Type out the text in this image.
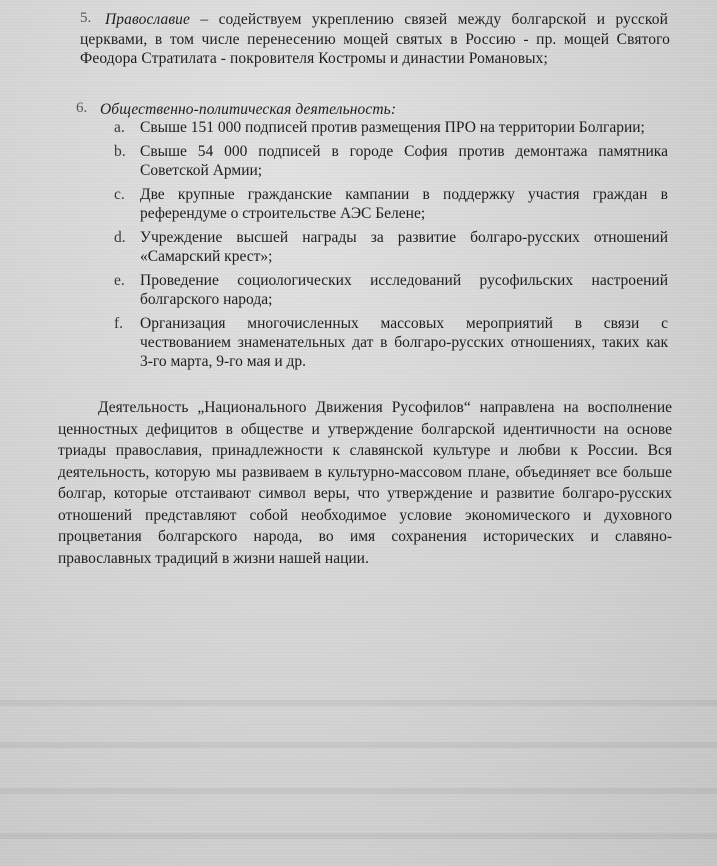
5. Православие – содействуем укреплению связей между болгарской и русской
церквами, в том числе перенесению мощей святых в Россию - пр. мощей Святого
Феодора Стратилата - покровителя Костромы и династии Романовых;
6. Общественно-политическая деятельность:
a. Свыше 151 000 подписей против размещения ПРО на территории Болгарии;
b. Свыше 54 000 подписей в городе София против демонтажа памятника
Советской Армии;
c. Две крупные гражданские кампании в поддержку участия граждан в
референдуме о строительстве АЭС Белене;
d. Учреждение высшей награды за развитие болгаро-русских отношений
«Самарский крест»;
e. Проведение социологических исследований русофильских настроений
болгарского народа;
f. Организация многочисленных массовых мероприятий в связи с
чествованием знаменательных дат в болгаро-русских отношениях, таких как
3-го марта, 9-го мая и др.
Деятельность „Национального Движения Русофилов“ направлена на восполнение
ценностных дефицитов в обществе и утверждение болгарской идентичности на основе
триады православия, принадлежности к славянской культуре и любви к России. Вся
деятельность, которую мы развиваем в культурно-массовом плане, объединяет все больше
болгар, которые отстаивают символ веры, что утверждение и развитие болгаро-русских
отношений представляют собой необходимое условие экономического и духовного
процветания болгарского народа, во имя сохранения исторических и славяно-
православных традиций в жизни нашей нации.
